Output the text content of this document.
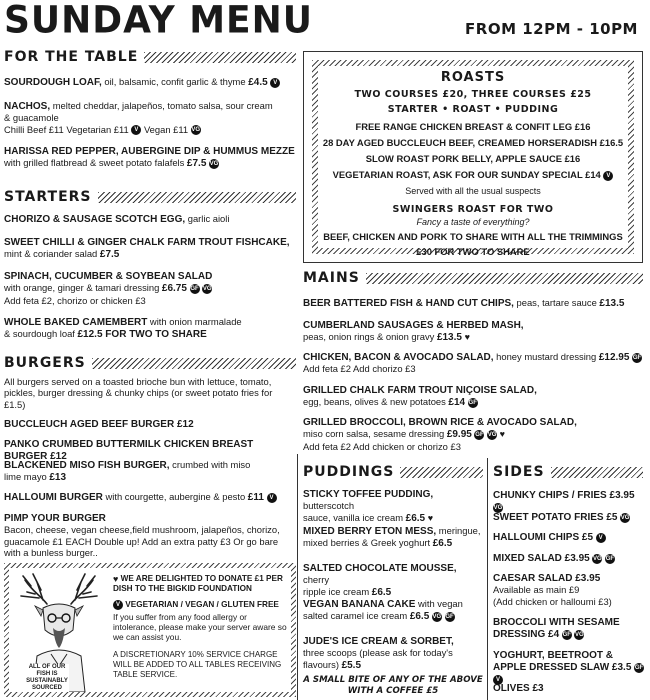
SUNDAY MENU	FROM 12PM - 10PM
FOR THE TABLE
SOURDOUGH LOAF, oil, balsamic, confit garlic & thyme £4.5 V
NACHOS, melted cheddar, jalapeños, tomato salsa, sour cream & guacamole
Chilli Beef £11 Vegetarian £11 V Vegan £11 VG
HARISSA RED PEPPER, AUBERGINE DIP & HUMMUS MEZZE
with grilled flatbread & sweet potato falafels £7.5 VG
STARTERS
CHORIZO & SAUSAGE SCOTCH EGG, garlic aioli
SWEET CHILLI & GINGER CHALK FARM TROUT FISHCAKE,
mint & coriander salad £7.5
SPINACH, CUCUMBER & SOYBEAN SALAD
with orange, ginger & tamari dressing £6.75 GF VG
Add feta £2, chorizo or chicken £3
WHOLE BAKED CAMEMBERT with onion marmalade
& sourdough loaf £12.5 FOR TWO TO SHARE
BURGERS
All burgers served on a toasted brioche bun with lettuce, tomato, pickles, burger dressing & chunky chips (or sweet potato fries for £1.5)
BUCCLEUCH AGED BEEF BURGER £12
PANKO CRUMBED BUTTERMILK CHICKEN BREAST BURGER £12
BLACKENED MISO FISH BURGER, crumbed with miso
lime mayo £13
HALLOUMI BURGER with courgette, aubergine & pesto £11 V
PIMP YOUR BURGER
Bacon, cheese, vegan cheese,field mushroom, jalapeños, chorizo, guacamole £1 EACH Double up! Add an extra patty £3 Or go bare with a bunless burger..
ALL OF OUR FISH IS SUSTAINABLY SOURCED
♥ WE ARE DELIGHTED TO DONATE £1 PER DISH TO THE BIGKID FOUNDATION
V VEGETARIAN / VEGAN / GLUTEN FREE
If you suffer from any food allergy or intolerance, please make your server aware so we can assist you.
A DISCRETIONARY 10% SERVICE CHARGE WILL BE ADDED TO ALL TABLES RECEIVING TABLE SERVICE.
ROASTS
TWO COURSES £20, THREE COURSES £25
STARTER • ROAST • PUDDING
FREE RANGE CHICKEN BREAST & CONFIT LEG £16
28 DAY AGED BUCCLEUCH BEEF, CREAMED HORSERADISH £16.5
SLOW ROAST PORK BELLY, APPLE SAUCE £16
VEGETARIAN ROAST, ASK FOR OUR SUNDAY SPECIAL £14 V
Served with all the usual suspects
SWINGERS ROAST FOR TWO
Fancy a taste of everything?
BEEF, CHICKEN AND PORK TO SHARE WITH ALL THE TRIMMINGS
£30 FOR TWO TO SHARE
MAINS
BEER BATTERED FISH & HAND CUT CHIPS, peas, tartare sauce £13.5
CUMBERLAND SAUSAGES & HERBED MASH,
peas, onion rings & onion gravy £13.5 ♥
CHICKEN, BACON & AVOCADO SALAD, honey mustard dressing £12.95 GF
Add feta £2 Add chorizo £3
GRILLED CHALK FARM TROUT NIÇOISE SALAD,
egg, beans, olives & new potatoes £14 GF
GRILLED BROCCOLI, BROWN RICE & AVOCADO SALAD,
miso corn salsa, sesame dressing £9.95 GF VG ♥
Add feta £2 Add chicken or chorizo £3
PUDDINGS
STICKY TOFFEE PUDDING, butterscotch
sauce, vanilla ice cream £6.5 ♥
MIXED BERRY ETON MESS, meringue,
mixed berries & Greek yoghurt £6.5
SALTED CHOCOLATE MOUSSE, cherry
ripple ice cream £6.5
VEGAN BANANA CAKE with vegan
salted caramel ice cream £6.5 VG GF
JUDE'S ICE CREAM & SORBET,
three scoops (please ask for today's flavours) £5.5
A SMALL BITE OF ANY OF THE ABOVE WITH A COFFEE £5
SIDES
CHUNKY CHIPS / FRIES £3.95 VG
SWEET POTATO FRIES £5 VG
HALLOUMI CHIPS £5 V
MIXED SALAD £3.95 VG GF
CAESAR SALAD £3.95
Available as main £9
(Add chicken or halloumi £3)
BROCCOLI WITH SESAME DRESSING £4 GF VG
YOGHURT, BEETROOT & APPLE DRESSED SLAW £3.5 GF V
OLIVES £3
